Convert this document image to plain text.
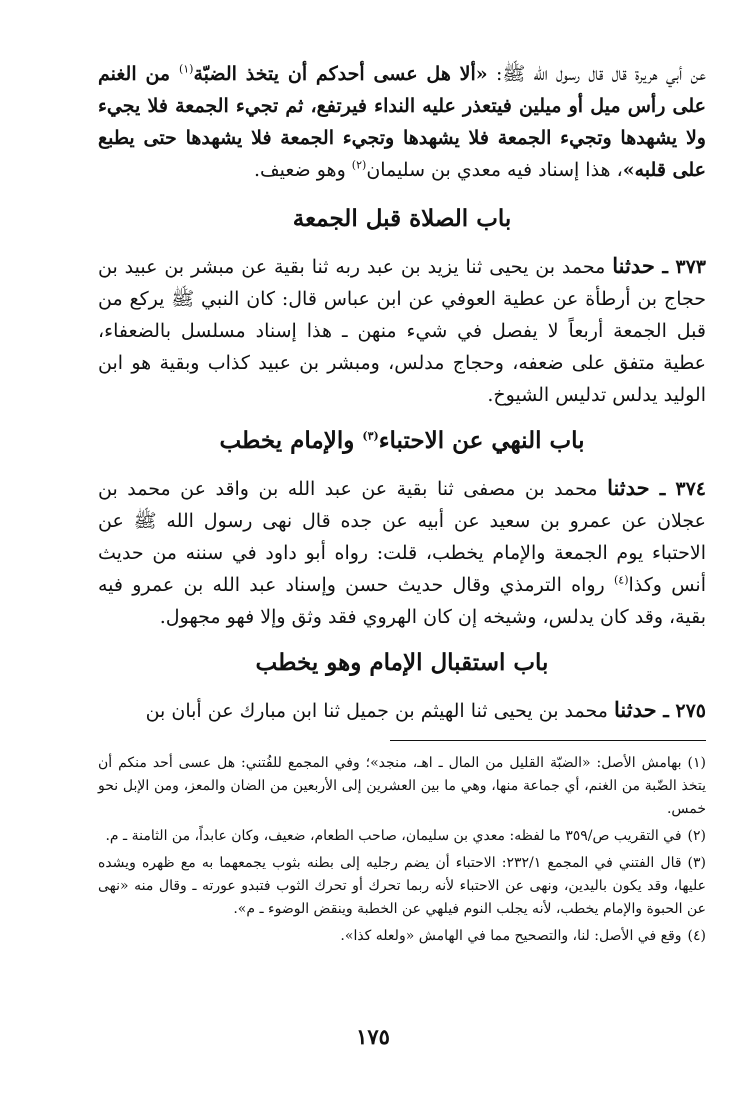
عن أبي هريرة قال قال رسول الله ﷺ: «ألا هل عسى أحدكم أن يتخذ الضبّة$^{(١)}$ من الغنم على رأس ميل أو ميلين فيتعذر عليه النداء فيرتفع، ثم تجيء الجمعة فلا يجيء ولا يشهدها وتجيء الجمعة فلا يشهدها وتجيء الجمعة فلا يشهدها حتى يطبع على قلبه»، هذا إسناد فيه معدي بن سليمان$^{(٢)}$ وهو ضعيف.
باب الصلاة قبل الجمعة
٣٧٣ ـ حدثنا محمد بن يحيى ثنا يزيد بن عبد ربه ثنا بقية عن مبشر بن عبيد بن حجاج بن أرطأة عن عطية العوفي عن ابن عباس قال: كان النبي ﷺ يركع من قبل الجمعة أربعاً لا يفصل في شيء منهن ـ هذا إسناد مسلسل بالضعفاء، عطية متفق على ضعفه، وحجاج مدلس، ومبشر بن عبيد كذاب وبقية هو ابن الوليد يدلس تدليس الشيوخ.
باب النهي عن الاحتباء$^{(٣)}$ والإمام يخطب
٣٧٤ ـ حدثنا محمد بن مصفى ثنا بقية عن عبد الله بن واقد عن محمد بن عجلان عن عمرو بن سعيد عن أبيه عن جده قال نهى رسول الله ﷺ عن الاحتباء يوم الجمعة والإمام يخطب، قلت: رواه أبو داود في سننه من حديث أنس وكذا$^{(٤)}$ رواه الترمذي وقال حديث حسن وإسناد عبد الله بن عمرو فيه بقية، وقد كان يدلس، وشيخه إن كان الهروي فقد وثق وإلا فهو مجهول.
باب استقبال الإمام وهو يخطب
٢٧٥ ـ حدثنا محمد بن يحيى ثنا الهيثم بن جميل ثنا ابن مبارك عن أبان بن
(١)بهامش الأصل: «الضبّة القليل من المال ـ اهـ، منجد»؛ وفي المجمع للفُتني: هل عسى أحد منكم أن يتخذ الضّبة من الغنم، أي جماعة منها، وهي ما بين العشرين إلى الأربعين من الضان والمعز، ومن الإبل نحو خمس.
(٢)في التقريب ص/٣٥٩ ما لفظه: معدي بن سليمان، صاحب الطعام، ضعيف، وكان عابداً، من الثامنة ـ م.
(٣)قال الفتني في المجمع ٢٣٢/١: الاحتباء أن يضم رجليه إلى بطنه بثوب يجمعهما به مع ظهره ويشده عليها، وقد يكون باليدين، ونهى عن الاحتباء لأنه ربما تحرك أو تحرك الثوب فتبدو عورته ـ وقال منه «نهى عن الحبوة والإمام يخطب، لأنه يجلب النوم فيلهي عن الخطبة وينقض الوضوء ـ م».
(٤)وقع في الأصل: لنا، والتصحيح مما في الهامش «ولعله كذا».
١٧٥
